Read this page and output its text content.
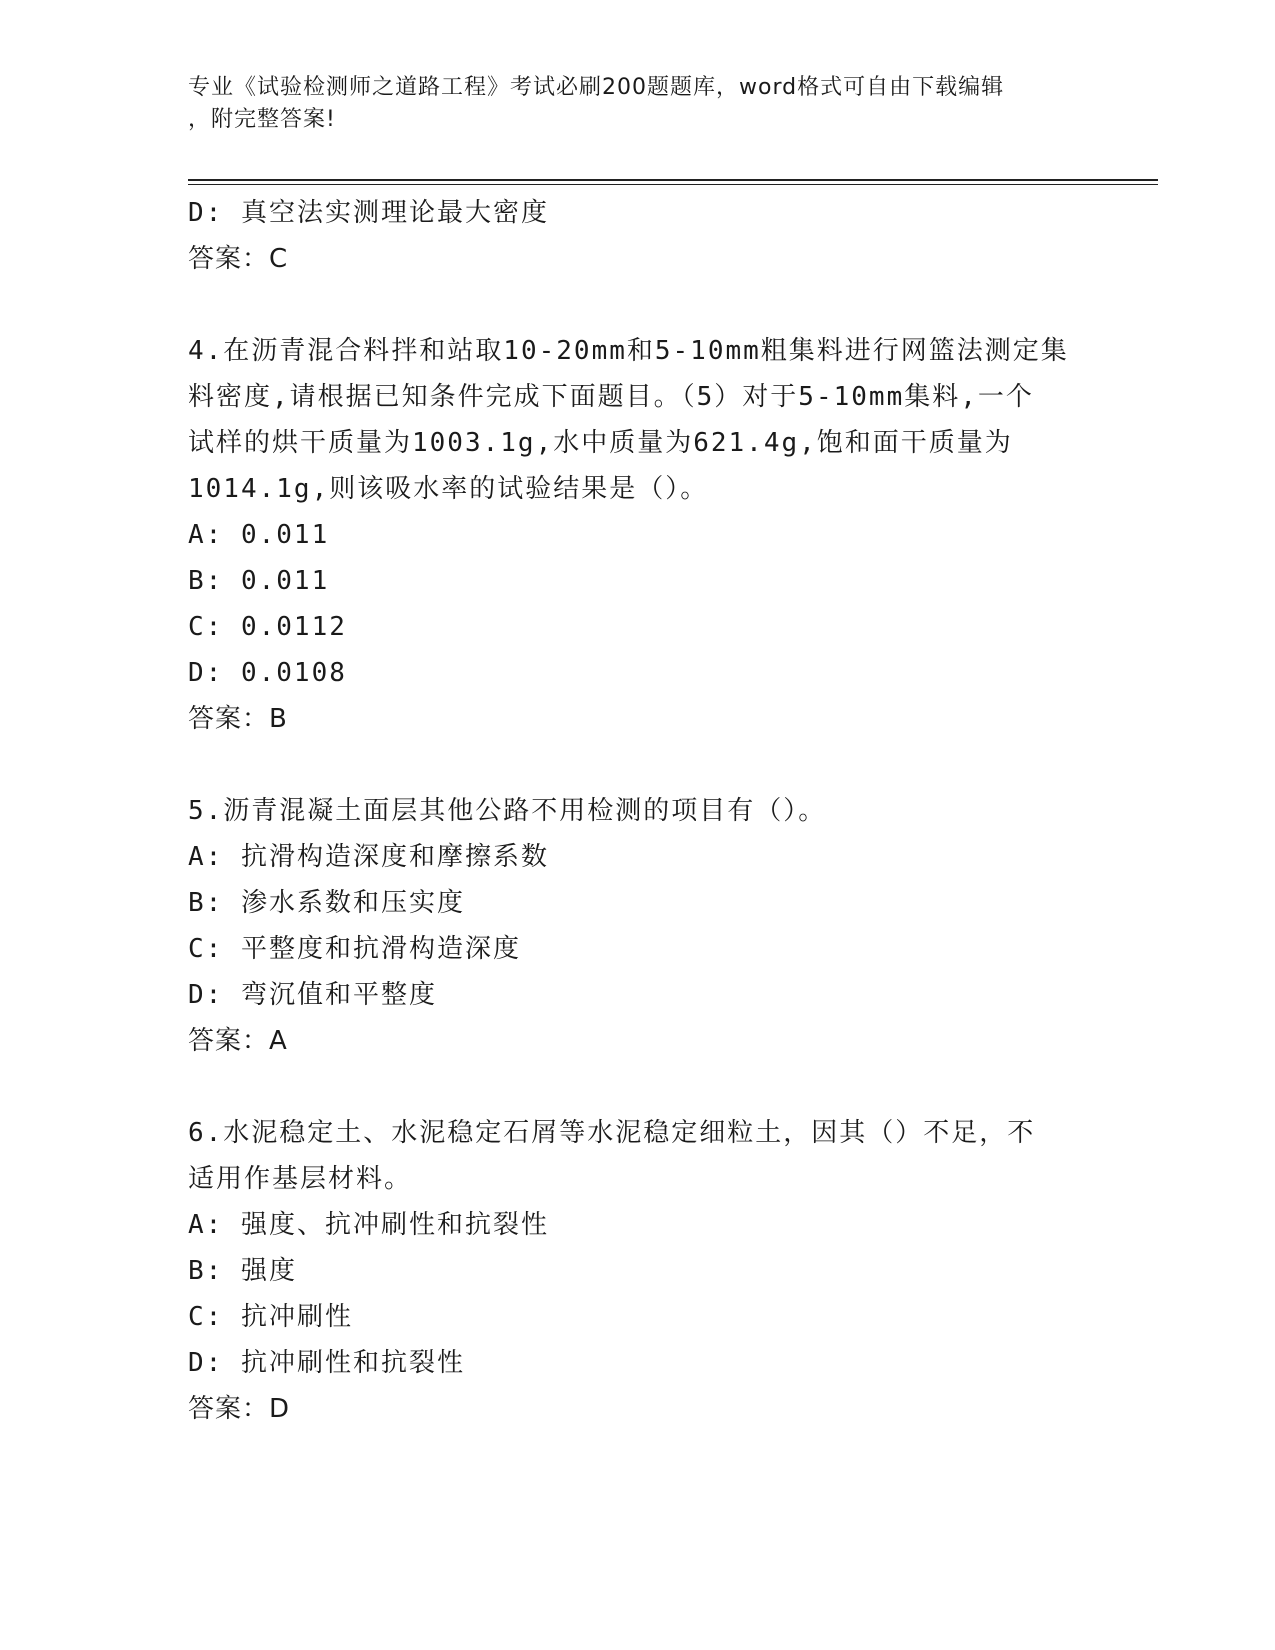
专业《试验检测师之道路工程》考试必刷200题题库，word格式可自由下载编辑
，附完整答案!
D: 真空法实测理论最大密度
答案：C
4.在沥青混合料拌和站取10-20mm和5-10mm粗集料进行网篮法测定集
料密度,请根据已知条件完成下面题目。（5）对于5-10mm集料,一个
试样的烘干质量为1003.1g,水中质量为621.4g,饱和面干质量为
1014.1g,则该吸水率的试验结果是（）。
A: 0.011
B: 0.011
C: 0.0112
D: 0.0108
答案：B
5.沥青混凝土面层其他公路不用检测的项目有（）。
A: 抗滑构造深度和摩擦系数
B: 渗水系数和压实度
C: 平整度和抗滑构造深度
D: 弯沉值和平整度
答案：A
6.水泥稳定土、水泥稳定石屑等水泥稳定细粒土，因其（）不足，不
适用作基层材料。
A: 强度、抗冲刷性和抗裂性
B: 强度
C: 抗冲刷性
D: 抗冲刷性和抗裂性
答案：D
